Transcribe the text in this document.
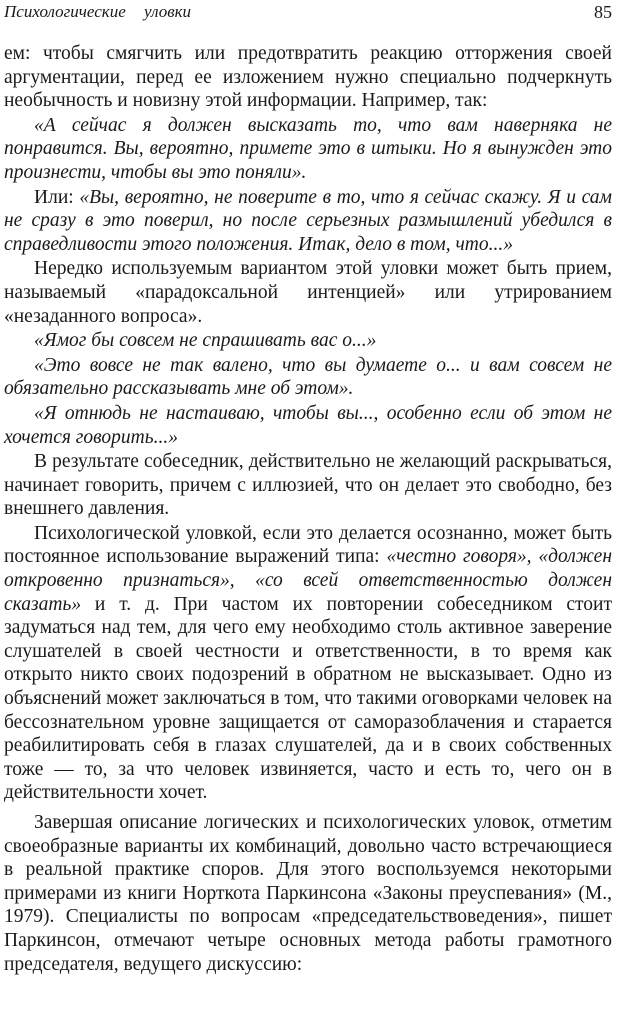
Психологические уловки	85

ем: чтобы смягчить или предотвратить реакцию отторжения своей аргументации, перед ее изложением нужно специально подчеркнуть необычность и новизну этой информации. Например, так:

«А сейчас я должен высказать то, что вам наверняка не понравится. Вы, вероятно, примете это в штыки. Но я вынужден это произнести, чтобы вы это поняли».

Или: «Вы, вероятно, не поверите в то, что я сейчас скажу. Я и сам не сразу в это поверил, но после серьезных размышлений убедился в справедливости этого положения. Итак, дело в том, что...»

Нередко используемым вариантом этой уловки может быть прием, называемый «парадоксальной интенцией» или утрированием «незаданного вопроса».

«Ямог бы совсем не спрашивать вас о...»

«Это вовсе не так валено, что вы думаете о... и вам совсем не обязательно рассказывать мне об этом».

«Я отнюдь не настаиваю, чтобы вы..., особенно если об этом не хочется говорить...»

В результате собеседник, действительно не желающий раскрываться, начинает говорить, причем с иллюзией, что он делает это свободно, без внешнего давления.

Психологической уловкой, если это делается осознанно, может быть постоянное использование выражений типа: «честно говоря», «должен откровенно признаться», «со всей ответственностью должен сказать» и т. д. При частом их повторении собеседником стоит задуматься над тем, для чего ему необходимо столь активное заверение слушателей в своей честности и ответственности, в то время как открыто никто своих подозрений в обратном не высказывает. Одно из объяснений может заключаться в том, что такими оговорками человек на бессознательном уровне защищается от саморазоблачения и старается реабилитировать себя в глазах слушателей, да и в своих собственных тоже — то, за что человек извиняется, часто и есть то, чего он в действительности хочет.

Завершая описание логических и психологических уловок, отметим своеобразные варианты их комбинаций, довольно часто встречающиеся в реальной практике споров. Для этого воспользуемся некоторыми примерами из книги Норткота Паркинсона «Законы преуспевания» (М., 1979). Специалисты по вопросам «председательствоведения», пишет Паркинсон, отмечают четыре основных метода работы грамотного председателя, ведущего дискуссию:
